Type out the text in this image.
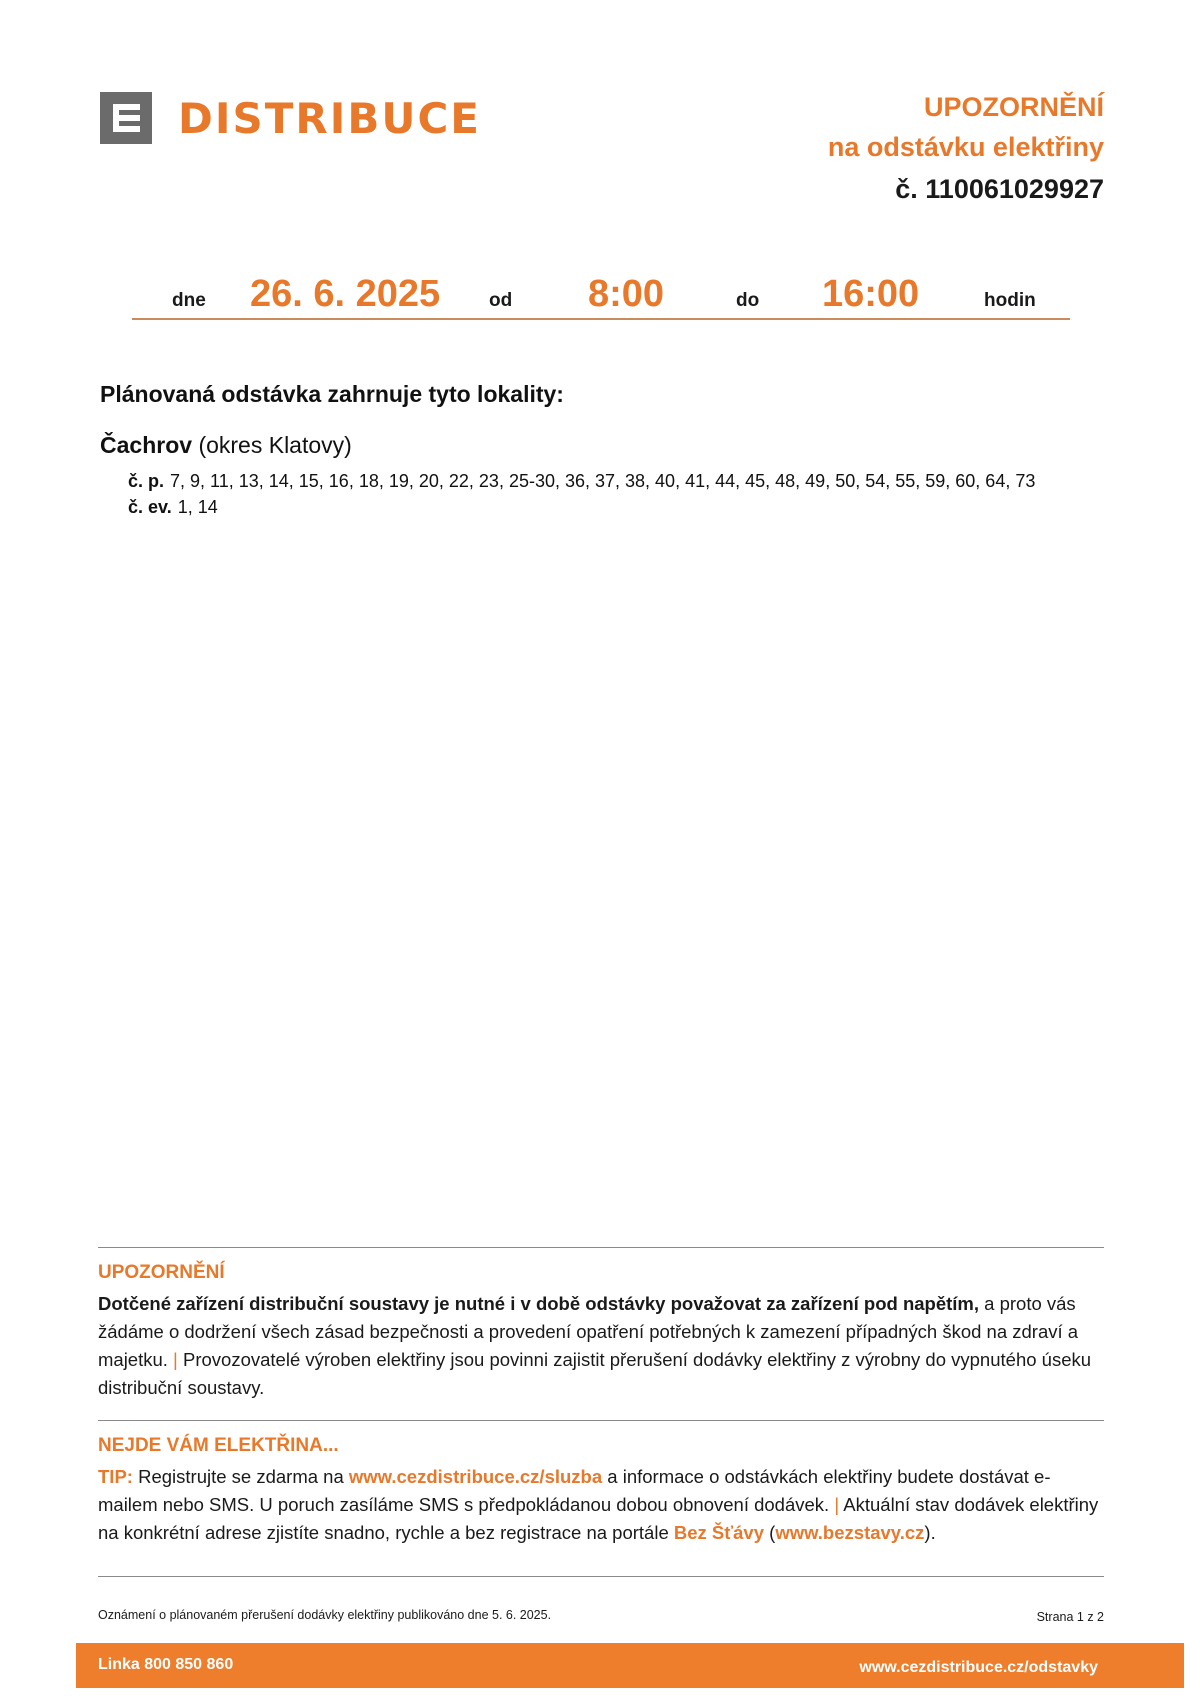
DISTRIBUCE	UPOZORNĚNÍ
na odstávku elektřiny
č. 110061029927
dne 26. 6. 2025	od 8:00	do 16:00	hodin
Plánovaná odstávka zahrnuje tyto lokality:
Čachrov (okres Klatovy)
č. p. 7, 9, 11, 13, 14, 15, 16, 18, 19, 20, 22, 23, 25-30, 36, 37, 38, 40, 41, 44, 45, 48, 49, 50, 54, 55, 59, 60, 64, 73
č. ev. 1, 14
UPOZORNĚNÍ
Dotčené zařízení distribuční soustavy je nutné i v době odstávky považovat za zařízení pod napětím, a proto vás žádáme o dodržení všech zásad bezpečnosti a provedení opatření potřebných k zamezení případných škod na zdraví a majetku. | Provozovatelé výroben elektřiny jsou povinni zajistit přerušení dodávky elektřiny z výrobny do vypnutého úseku distribuční soustavy.
NEJDE VÁM ELEKTŘINA...
TIP: Registrujte se zdarma na www.cezdistribuce.cz/sluzba a informace o odstávkách elektřiny budete dostávat e-mailem nebo SMS. U poruch zasíláme SMS s předpokládanou dobou obnovení dodávek. | Aktuální stav dodávek elektřiny na konkrétní adrese zjistíte snadno, rychle a bez registrace na portále Bez Šťávy (www.bezstavy.cz).
Oznámení o plánovaném přerušení dodávky elektřiny publikováno dne 5. 6. 2025.	Strana 1 z 2
Linka 800 850 860	www.cezdistribuce.cz/odstavky
